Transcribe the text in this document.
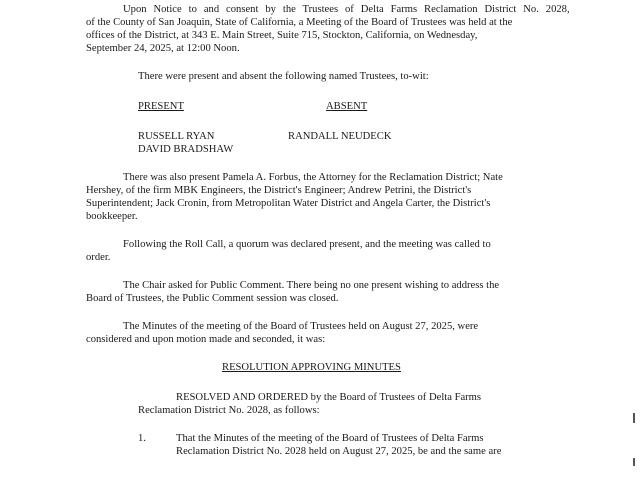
Upon Notice to and consent by the Trustees of Delta Farms Reclamation District No. 2028,
of the County of San Joaquin, State of California, a Meeting of the Board of Trustees was held at the
offices of the District, at 343 E. Main Street, Suite 715, Stockton, California, on Wednesday,
September 24, 2025, at 12:00 Noon.
There were present and absent the following named Trustees, to-wit:
PRESENT	ABSENT
RUSSELL RYAN
DAVID BRADSHAW
RANDALL NEUDECK
There was also present Pamela A. Forbus, the Attorney for the Reclamation District; Nate
Hershey, of the firm MBK Engineers, the District's Engineer; Andrew Petrini, the District's
Superintendent; Jack Cronin, from Metropolitan Water District and Angela Carter, the District's
bookkeeper.
Following the Roll Call, a quorum was declared present, and the meeting was called to
order.
The Chair asked for Public Comment. There being no one present wishing to address the
Board of Trustees, the Public Comment session was closed.
The Minutes of the meeting of the Board of Trustees held on August 27, 2025, were
considered and upon motion made and seconded, it was:
RESOLUTION APPROVING MINUTES
RESOLVED AND ORDERED by the Board of Trustees of Delta Farms
Reclamation District No. 2028, as follows:
1.	That the Minutes of the meeting of the Board of Trustees of Delta Farms
Reclamation District No. 2028 held on August 27, 2025, be and the same are
